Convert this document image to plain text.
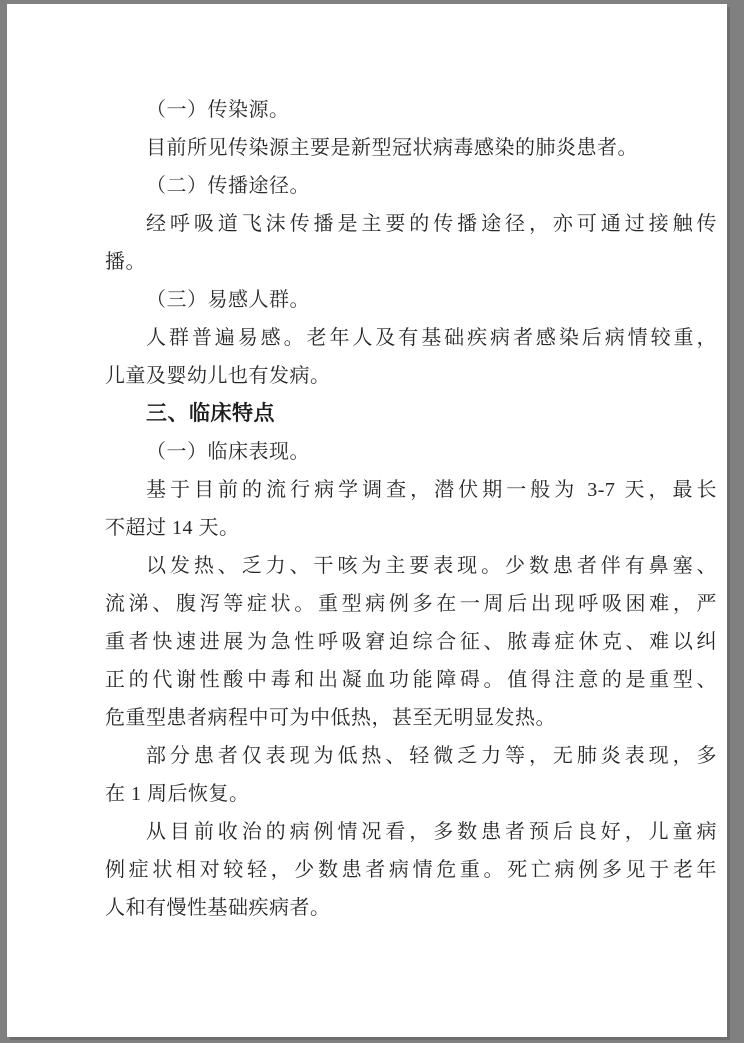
（一）传染源。
目前所见传染源主要是新型冠状病毒感染的肺炎患者。
（二）传播途径。
经呼吸道飞沫传播是主要的传播途径，亦可通过接触传
播。
（三）易感人群。
人群普遍易感。老年人及有基础疾病者感染后病情较重，
儿童及婴幼儿也有发病。
三、临床特点
（一）临床表现。
基于目前的流行病学调查，潜伏期一般为 3-7 天，最长
不超过 14 天。
以发热、乏力、干咳为主要表现。少数患者伴有鼻塞、
流涕、腹泻等症状。重型病例多在一周后出现呼吸困难，严
重者快速进展为急性呼吸窘迫综合征、脓毒症休克、难以纠
正的代谢性酸中毒和出凝血功能障碍。值得注意的是重型、
危重型患者病程中可为中低热，甚至无明显发热。
部分患者仅表现为低热、轻微乏力等，无肺炎表现，多
在 1 周后恢复。
从目前收治的病例情况看，多数患者预后良好，儿童病
例症状相对较轻，少数患者病情危重。死亡病例多见于老年
人和有慢性基础疾病者。
